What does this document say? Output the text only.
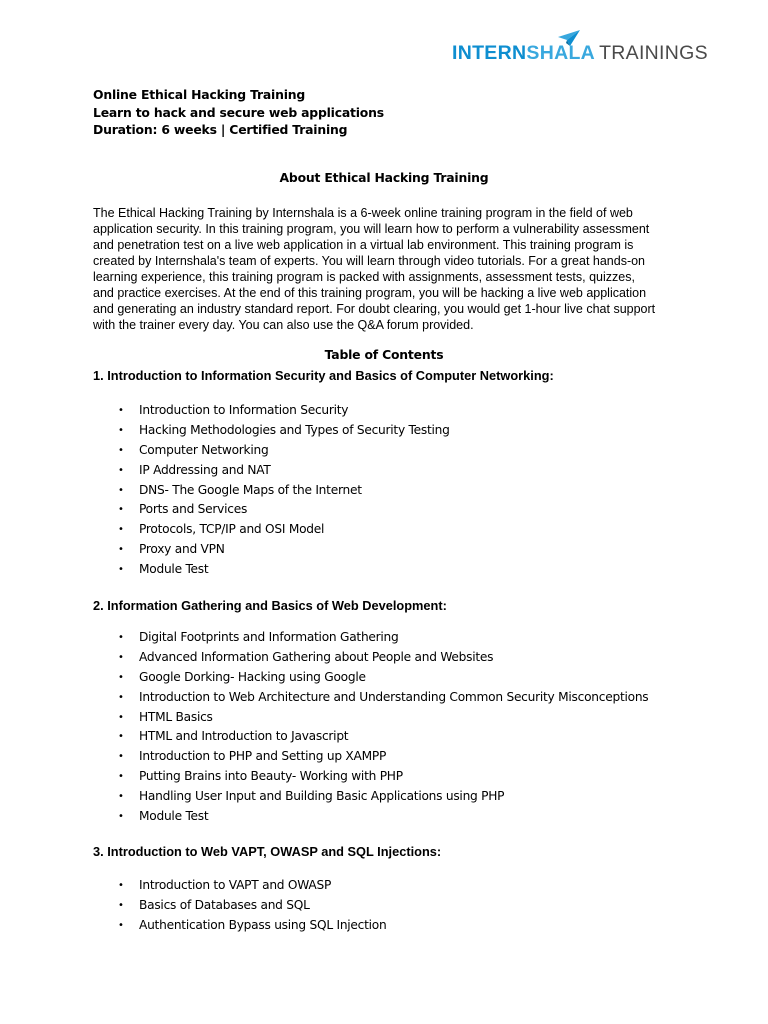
INTERNSHALA TRAININGS
Online Ethical Hacking Training
Learn to hack and secure web applications
Duration: 6 weeks | Certified Training
About Ethical Hacking Training
The Ethical Hacking Training by Internshala is a 6-week online training program in the field of web
application security. In this training program, you will learn how to perform a vulnerability assessment
and penetration test on a live web application in a virtual lab environment. This training program is
created by Internshala's team of experts. You will learn through video tutorials. For a great hands-on
learning experience, this training program is packed with assignments, assessment tests, quizzes,
and practice exercises. At the end of this training program, you will be hacking a live web application
and generating an industry standard report. For doubt clearing, you would get 1-hour live chat support
with the trainer every day. You can also use the Q&A forum provided.
Table of Contents
1. Introduction to Information Security and Basics of Computer Networking:
• Introduction to Information Security
• Hacking Methodologies and Types of Security Testing
• Computer Networking
• IP Addressing and NAT
• DNS- The Google Maps of the Internet
• Ports and Services
• Protocols, TCP/IP and OSI Model
• Proxy and VPN
• Module Test
2. Information Gathering and Basics of Web Development:
• Digital Footprints and Information Gathering
• Advanced Information Gathering about People and Websites
• Google Dorking- Hacking using Google
• Introduction to Web Architecture and Understanding Common Security Misconceptions
• HTML Basics
• HTML and Introduction to Javascript
• Introduction to PHP and Setting up XAMPP
• Putting Brains into Beauty- Working with PHP
• Handling User Input and Building Basic Applications using PHP
• Module Test
3. Introduction to Web VAPT, OWASP and SQL Injections:
• Introduction to VAPT and OWASP
• Basics of Databases and SQL
• Authentication Bypass using SQL Injection
